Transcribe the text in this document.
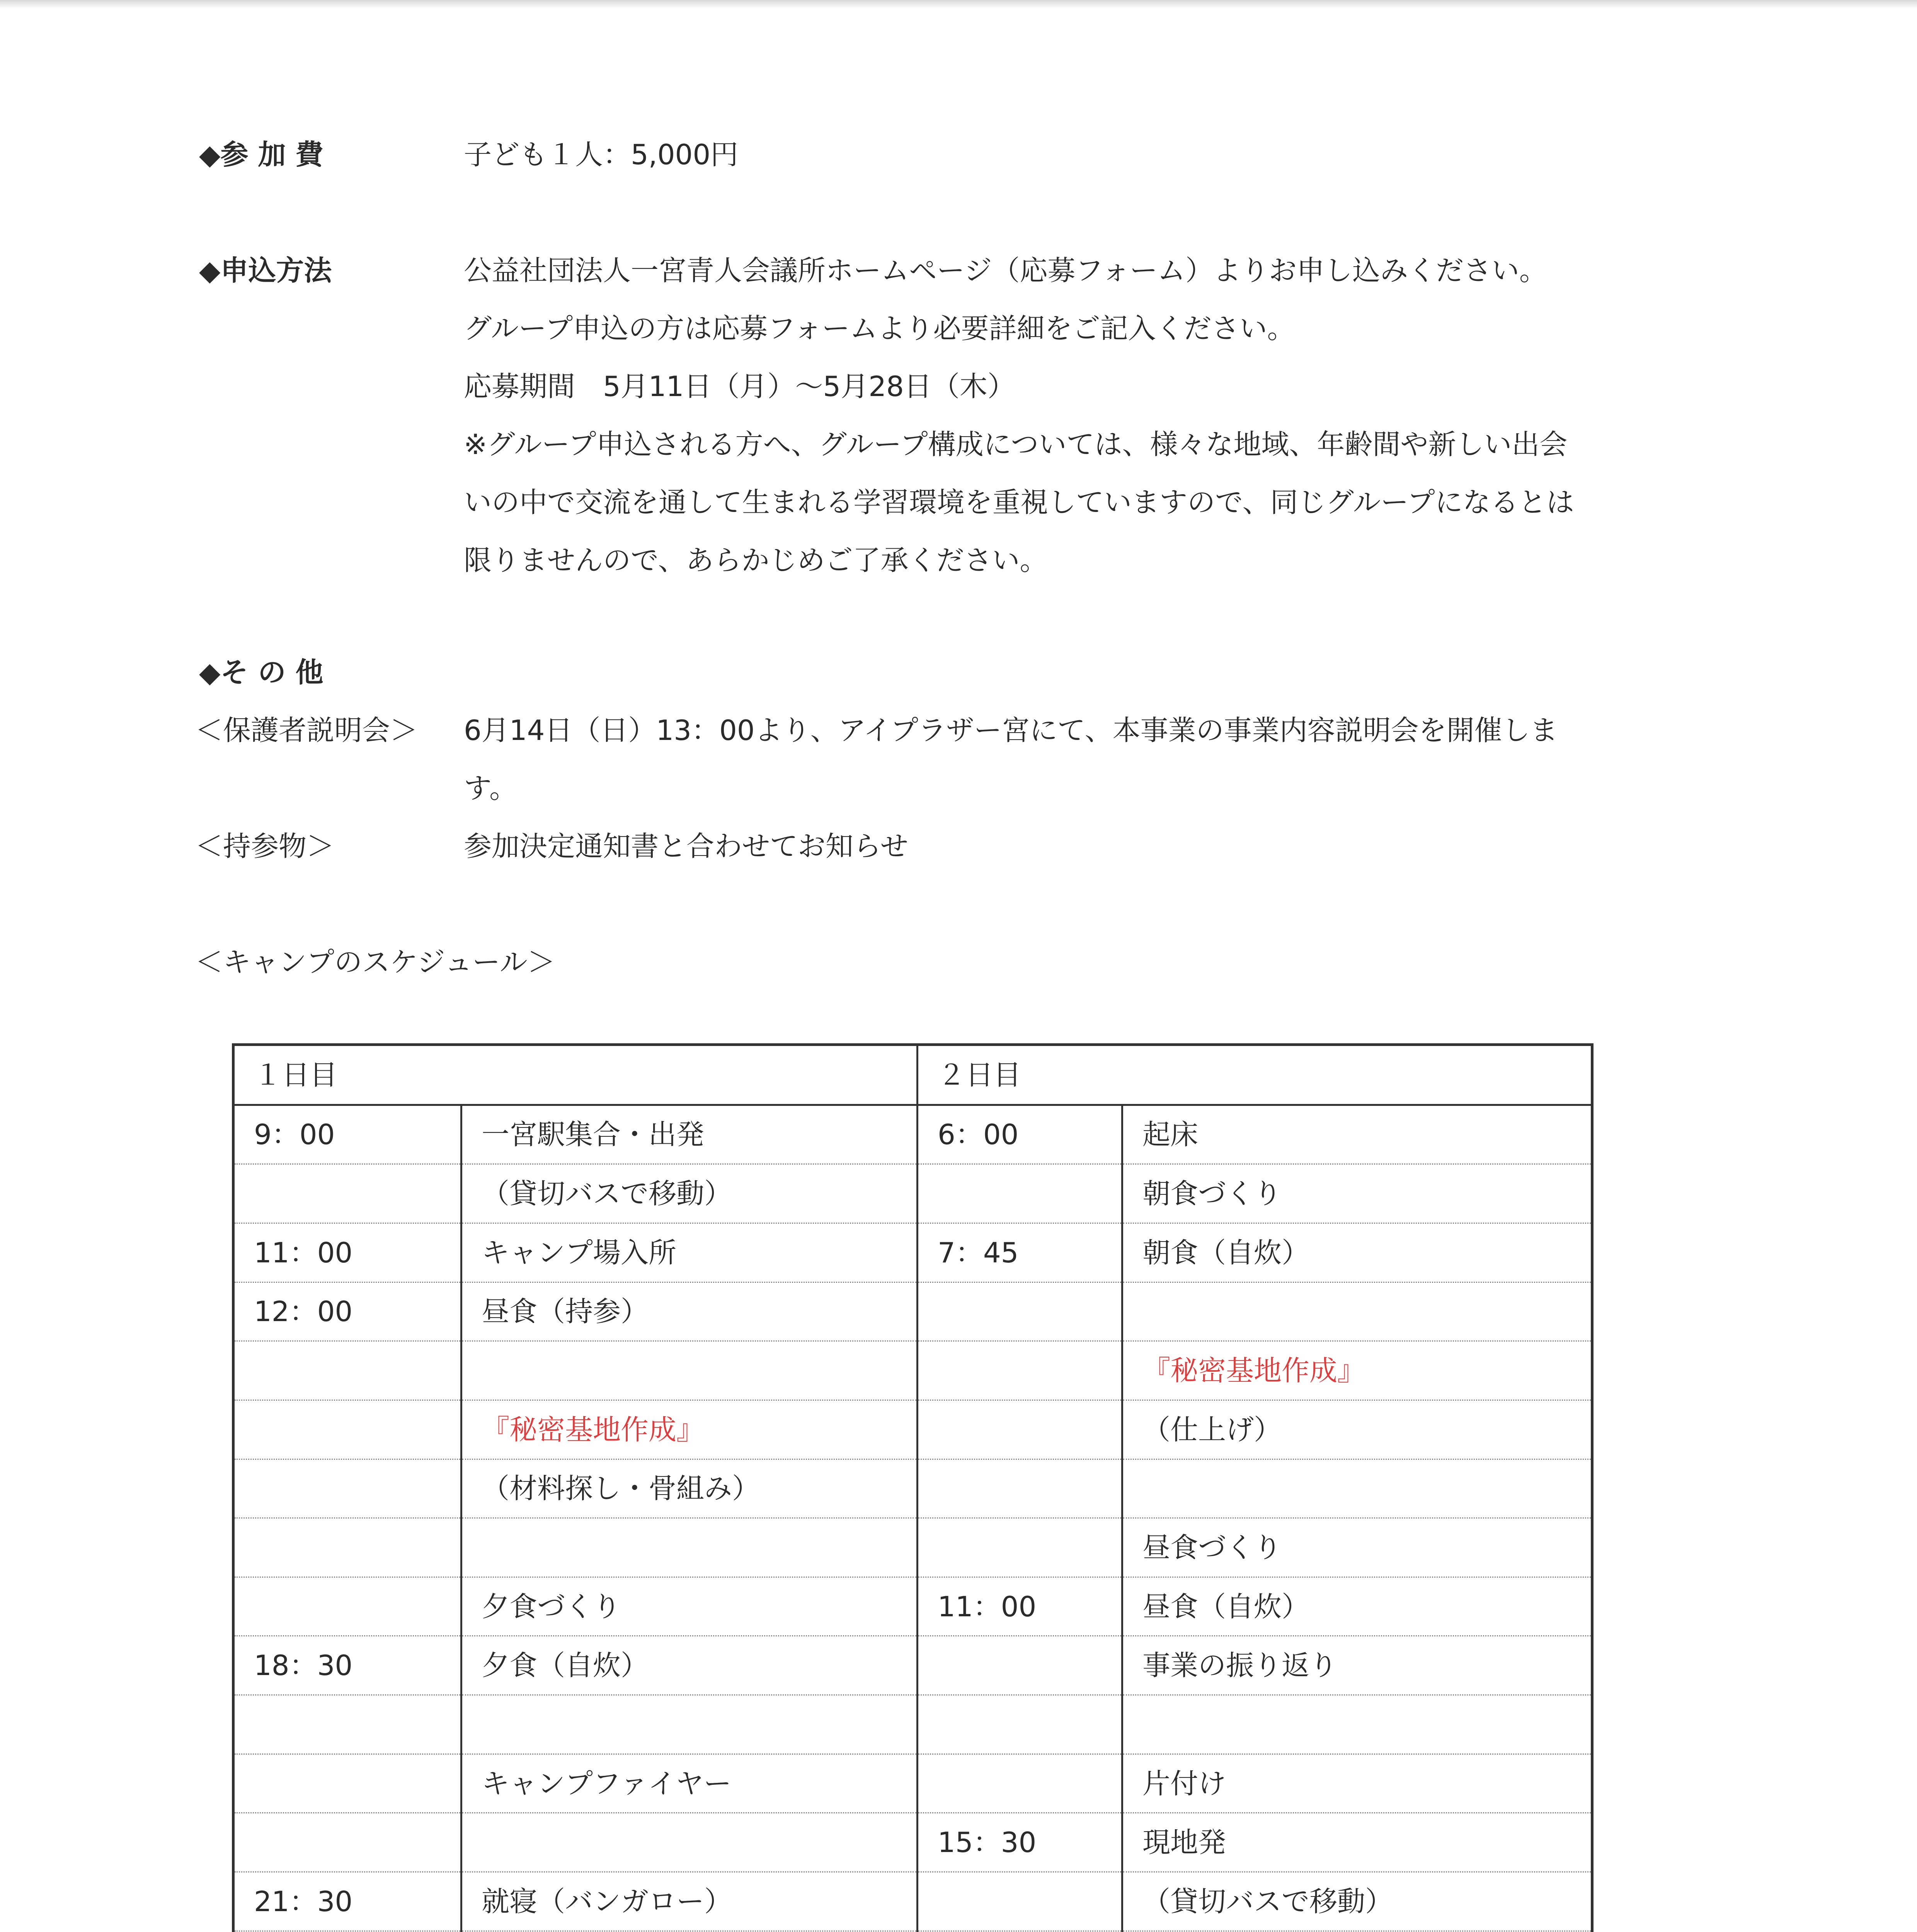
◆参 加 費	子ども１人：5,000円
◆申込方法	公益社団法人一宮青人会議所ホームページ（応募フォーム）よりお申し込みください。
グループ申込の方は応募フォームより必要詳細をご記入ください。
応募期間　5月11日（月）～5月28日（木）
※グループ申込される方へ、グループ構成については、様々な地域、年齢間や新しい出会
いの中で交流を通して生まれる学習環境を重視していますので、同じグループになるとは
限りませんので、あらかじめご了承ください。
◆そ の 他
＜保護者説明会＞ 6月14日（日）13：00より、アイプラザー宮にて、本事業の事業内容説明会を開催しま
す。
＜持参物＞	参加決定通知書と合わせてお知らせ
＜キャンプのスケジュール＞
１日目		２日目	
9：00	一宮駅集合・出発	6：00	起床
	（貸切バスで移動）		朝食づくり
11：00	キャンプ場入所	7：45	朝食（自炊）
12：00	昼食（持参）		
			『秘密基地作成』
	『秘密基地作成』		（仕上げ）
	（材料探し・骨組み）		
			昼食づくり
	夕食づくり	11：00	昼食（自炊）
18：30	夕食（自炊）		事業の振り返り

	キャンプファイヤー		片付け
		15：30	現地発
21：30	就寝（バンガロー）		（貸切バスで移動）
